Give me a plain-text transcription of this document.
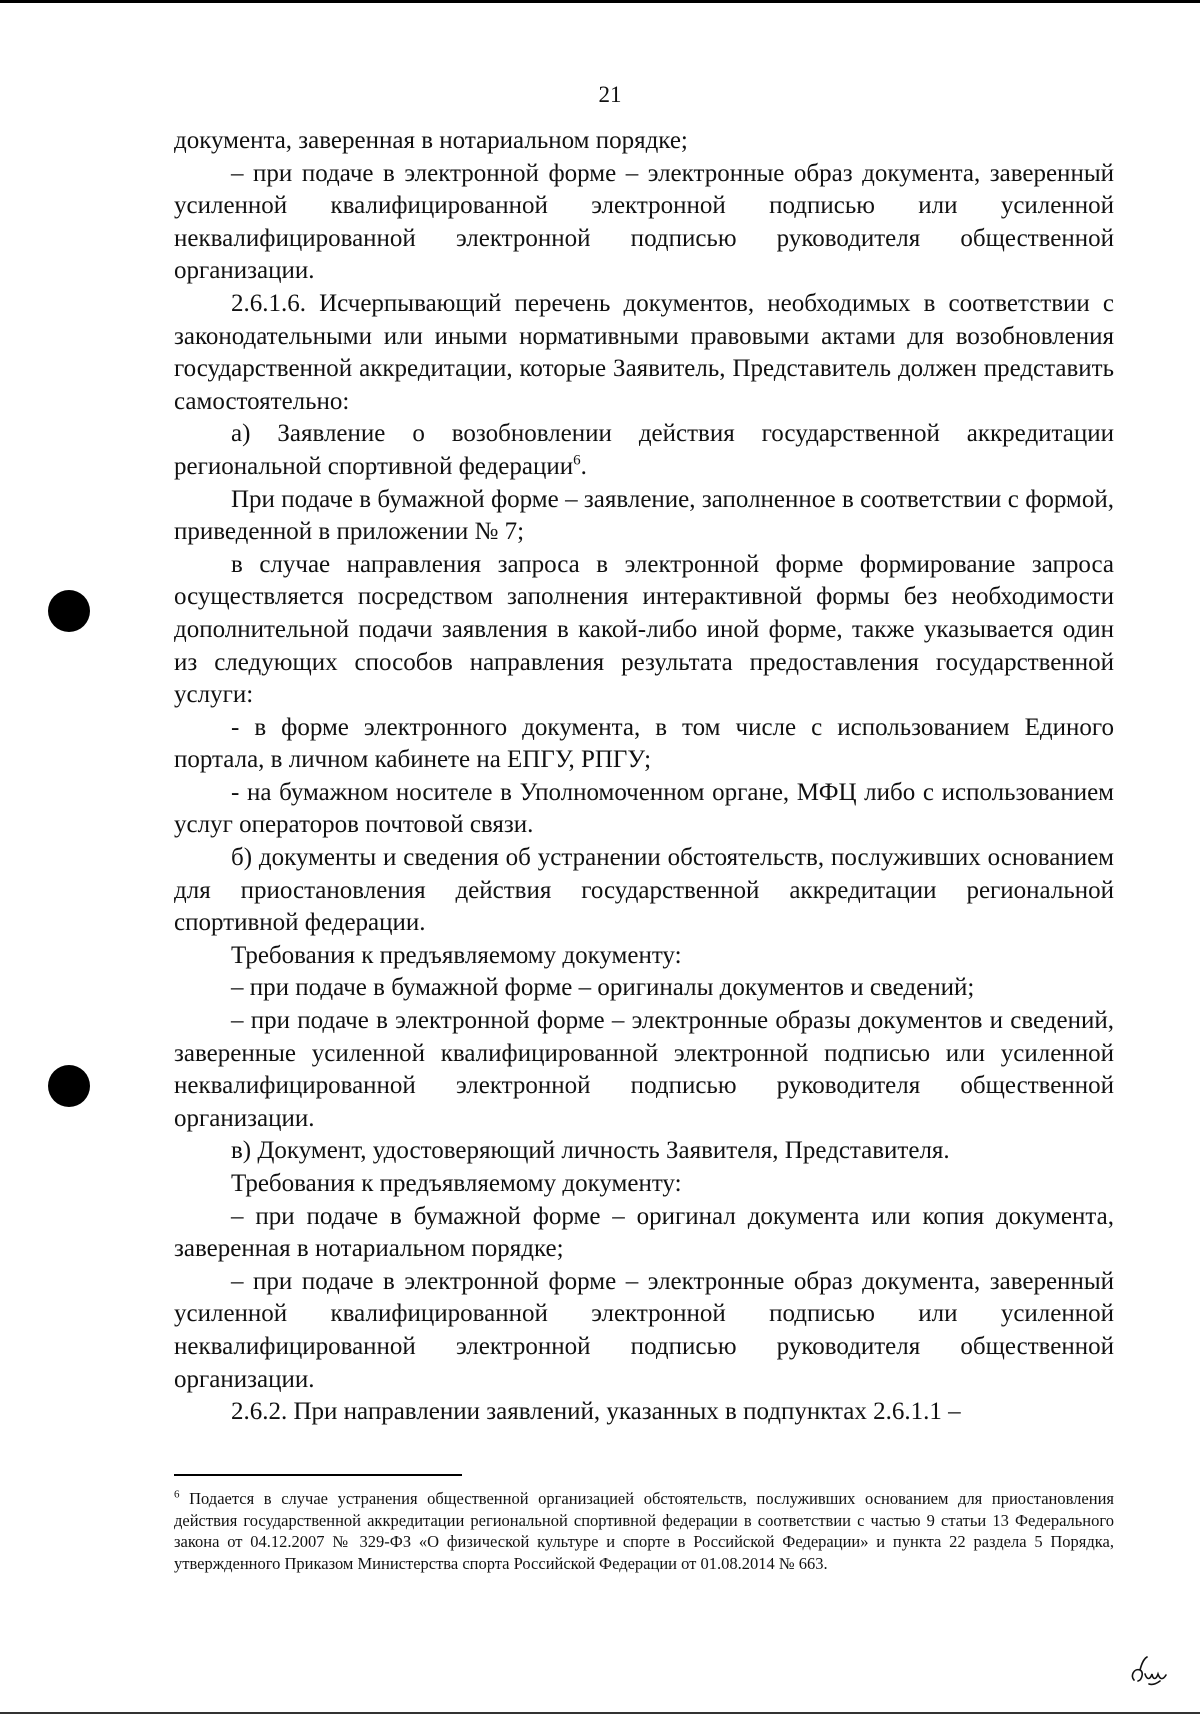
21

документа, заверенная в нотариальном порядке;

– при подаче в электронной форме – электронные образ документа, заверенный усиленной квалифицированной электронной подписью или усиленной неквалифицированной электронной подписью руководителя общественной организации.

2.6.1.6. Исчерпывающий перечень документов, необходимых в соответствии с законодательными или иными нормативными правовыми актами для возобновления государственной аккредитации, которые Заявитель, Представитель должен представить самостоятельно:

а) Заявление о возобновлении действия государственной аккредитации региональной спортивной федерации$^6$.

При подаче в бумажной форме – заявление, заполненное в соответствии с формой, приведенной в приложении № 7;

в случае направления запроса в электронной форме формирование запроса осуществляется посредством заполнения интерактивной формы без необходимости дополнительной подачи заявления в какой-либо иной форме, также указывается один из следующих способов направления результата предоставления государственной услуги:

- в форме электронного документа, в том числе с использованием Единого портала, в личном кабинете на ЕПГУ, РПГУ;

- на бумажном носителе в Уполномоченном органе, МФЦ либо с использованием услуг операторов почтовой связи.

б) документы и сведения об устранении обстоятельств, послуживших основанием для приостановления действия государственной аккредитации региональной спортивной федерации.

Требования к предъявляемому документу:

– при подаче в бумажной форме – оригиналы документов и сведений;

– при подаче в электронной форме – электронные образы документов и сведений, заверенные усиленной квалифицированной электронной подписью или усиленной неквалифицированной электронной подписью руководителя общественной организации.

в) Документ, удостоверяющий личность Заявителя, Представителя.

Требования к предъявляемому документу:

– при подаче в бумажной форме – оригинал документа или копия документа, заверенная в нотариальном порядке;

– при подаче в электронной форме – электронные образ документа, заверенный усиленной квалифицированной электронной подписью или усиленной неквалифицированной электронной подписью руководителя общественной организации.

2.6.2. При направлении заявлений, указанных в подпунктах 2.6.1.1 –

$^6$ Подается в случае устранения общественной организацией обстоятельств, послуживших основанием для приостановления действия государственной аккредитации региональной спортивной федерации в соответствии с частью 9 статьи 13 Федерального закона от 04.12.2007 № 329-ФЗ «О физической культуре и спорте в Российской Федерации» и пункта 22 раздела 5 Порядка, утвержденного Приказом Министерства спорта Российской Федерации от 01.08.2014 № 663.
